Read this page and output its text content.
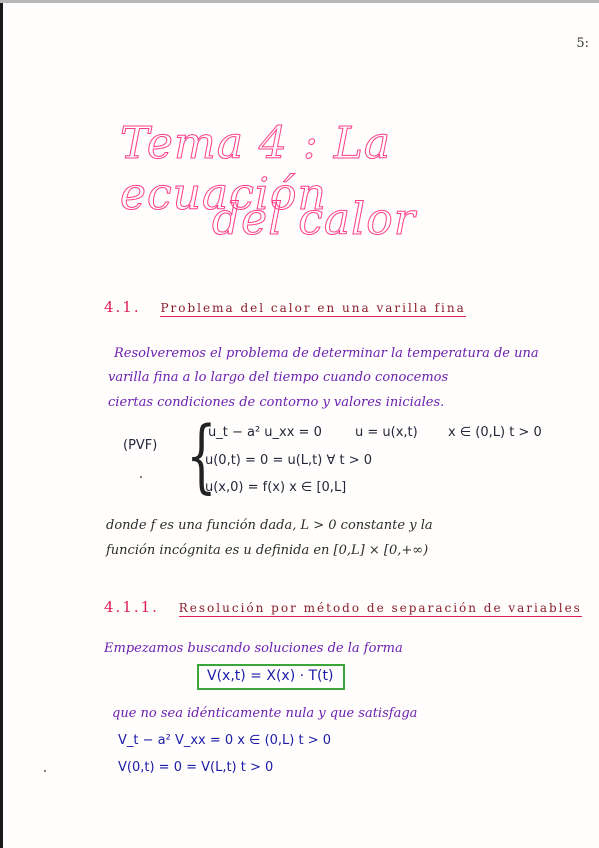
5:
Tema 4 : La ecuación
del calor
4.1. Problema del calor en una varilla fina
Resolveremos el problema de determinar la temperatura de una
varilla fina a lo largo del tiempo cuando conocemos
ciertas condiciones de contorno y valores iniciales.
(PVF) {
u_t − a² u_xx = 0	u = u(x,t) x ∈ (0,L) t > 0
u(0,t) = 0 = u(L,t) ∀ t > 0
u(x,0) = f(x) x ∈ [0,L]
donde f es una función dada, L > 0 constante y la
función incógnita es u definida en [0,L] × [0,+∞)
4.1.1. Resolución por método de separación de variables
Empezamos buscando soluciones de la forma
V(x,t) = X(x) · T(t)
que no sea idénticamente nula y que satisfaga
V_t − a² V_xx = 0 x ∈ (0,L) t > 0
V(0,t) = 0 = V(L,t) t > 0
